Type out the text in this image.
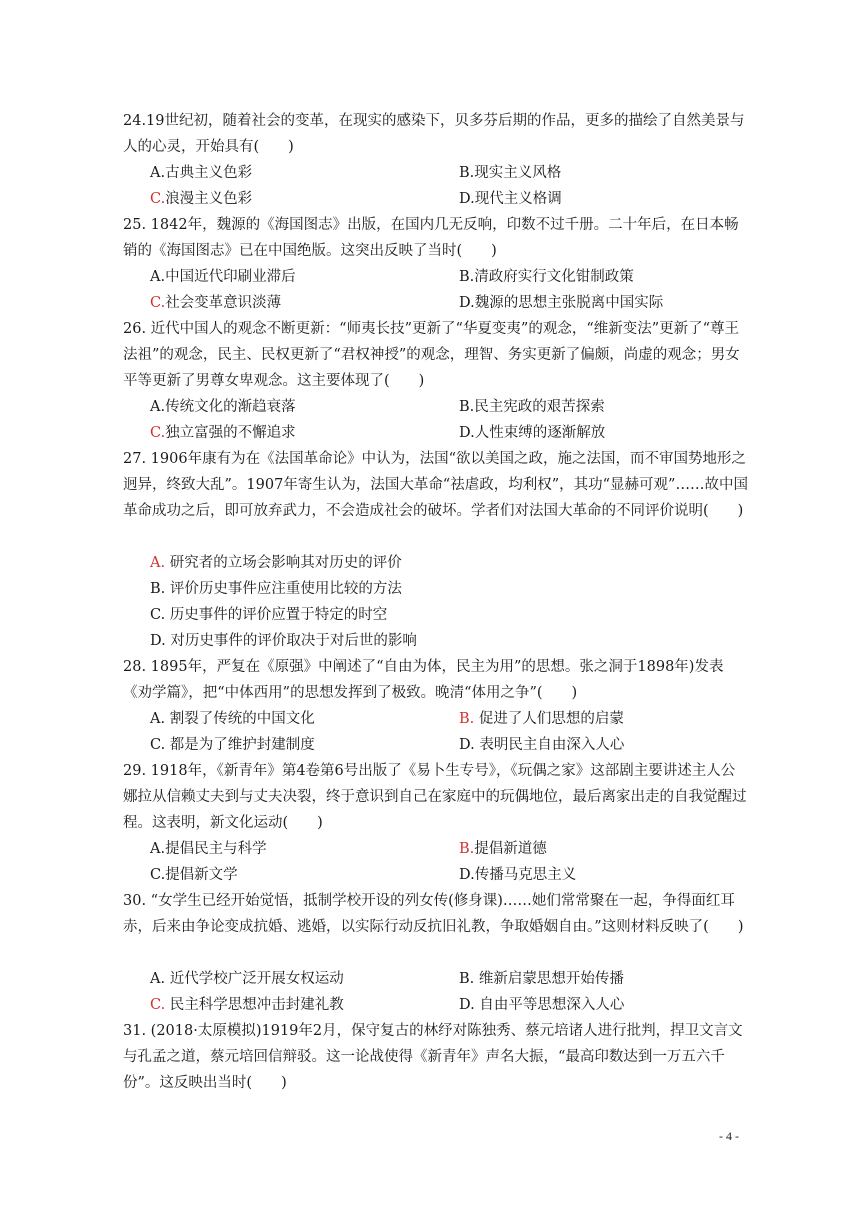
24.19世纪初，随着社会的变革，在现实的感染下，贝多芬后期的作品，更多的描绘了自然美景与人的心灵，开始具有(　　)

A.古典主义色彩	B.现实主义风格
C.浪漫主义色彩	D.现代主义格调

25. 1842年，魏源的《海国图志》出版，在国内几无反响，印数不过千册。二十年后，在日本畅销的《海国图志》已在中国绝版。这突出反映了当时(　　)

A.中国近代印刷业滞后	B.清政府实行文化钳制政策
C.社会变革意识淡薄	D.魏源的思想主张脱离中国实际

26. 近代中国人的观念不断更新：“师夷长技”更新了“华夏变夷”的观念，“维新变法”更新了“尊王法祖”的观念，民主、民权更新了“君权神授”的观念，理智、务实更新了偏颇，尚虚的观念；男女平等更新了男尊女卑观念。这主要体现了(　　)

A.传统文化的渐趋衰落	B.民主宪政的艰苦探索
C.独立富强的不懈追求	D.人性束缚的逐渐解放

27. 1906年康有为在《法国革命论》中认为，法国“欲以美国之政，施之法国，而不审国势地形之迥异，终致大乱”。1907年寄生认为，法国大革命“祛虐政，均利权”，其功“显赫可观”……故中国革命成功之后，即可放弃武力，不会造成社会的破坏。学者们对法国大革命的不同评价说明(　　)

A. 研究者的立场会影响其对历史的评价
B. 评价历史事件应注重使用比较的方法
C. 历史事件的评价应置于特定的时空
D. 对历史事件的评价取决于对后世的影响

28. 1895年，严复在《原强》中阐述了“自由为体，民主为用”的思想。张之洞于1898年)发表《劝学篇》，把“中体西用”的思想发挥到了极致。晚清“体用之争”(　　)

A. 割裂了传统的中国文化	B. 促进了人们思想的启蒙
C. 都是为了维护封建制度	D. 表明民主自由深入人心

29. 1918年，《新青年》第4卷第6号出版了《易卜生专号》，《玩偶之家》这部剧主要讲述主人公娜拉从信赖丈夫到与丈夫决裂，终于意识到自己在家庭中的玩偶地位，最后离家出走的自我觉醒过程。这表明，新文化运动(　　)

A.提倡民主与科学	B.提倡新道德
C.提倡新文学	D.传播马克思主义

30. “女学生已经开始觉悟，抵制学校开设的列女传(修身课)……她们常常聚在一起，争得面红耳赤，后来由争论变成抗婚、逃婚，以实际行动反抗旧礼教，争取婚姻自由。”这则材料反映了(　　)

A. 近代学校广泛开展女权运动	B. 维新启蒙思想开始传播
C. 民主科学思想冲击封建礼教	D. 自由平等思想深入人心

31. (2018·太原模拟)1919年2月，保守复古的林纾对陈独秀、蔡元培诸人进行批判，捍卫文言文与孔孟之道，蔡元培回信辩驳。这一论战使得《新青年》声名大振，“最高印数达到一万五六千份”。这反映出当时(　　)

- 4 -
